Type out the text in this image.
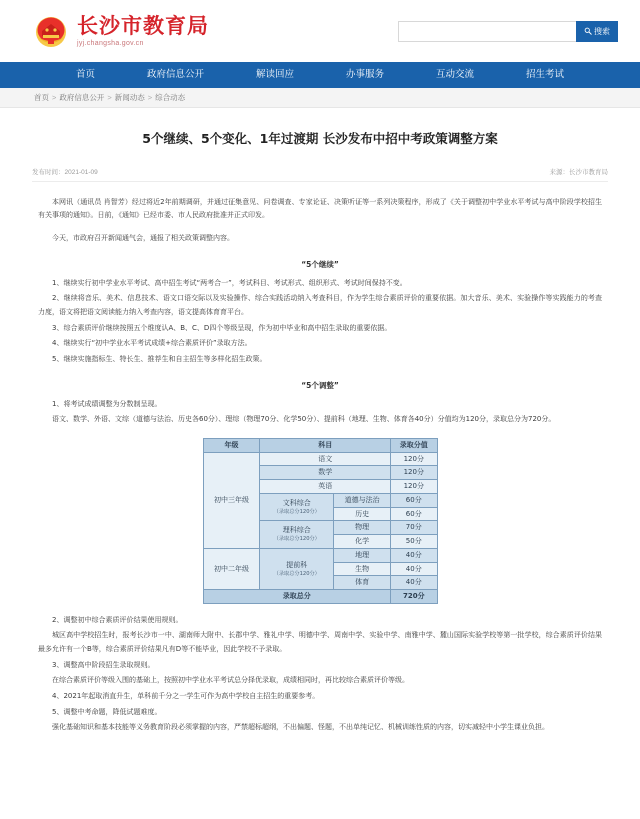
长沙市教育局
jyj.changsha.gov.cn
搜索
首页	政府信息公开	解读回应	办事服务	互动交流	招生考试
首页 > 政府信息公开 > 新闻动态 > 综合动态
5个继续、5个变化、1年过渡期 长沙发布中招中考政策调整方案
发布时间：2021-01-09	来源：长沙市教育局

本网讯（通讯员 肖智芳）经过将近2年前期调研，并通过征集意见、问卷调查、专家论证、决策听证等一系列决策程序，形成了《关于调整初中学业水平考试与高中阶段学校招生有关事项的通知》。日前，《通知》已经市委、市人民政府批准并正式印发。

今天，市政府召开新闻通气会，通报了相关政策调整内容。

“5个继续”

1、继续实行初中学业水平考试、高中招生考试“两考合一”，考试科目、考试形式、组织形式、考试时间保持不变。

2、继续将音乐、美术、信息技术、语文口语交际以及实验操作、综合实践活动纳入考查科目，作为学生综合素质评价的重要依据。加大音乐、美术、实验操作等实践能力的考查力度，语文将把语文阅读能力纳入考查内容，语文提高体育育平台。

3、综合素质评价继续按照五个维度认A、B、C、D四个等级呈现，作为初中毕业和高中招生录取的重要依据。

4、继续实行“初中学业水平考试成绩+综合素质评价”录取方法。

5、继续实施指标生、特长生、推荐生和自主招生等多样化招生政策。

“5个调整”

1、将考试成绩调整为分数制呈现。

语文、数学、外语、文综（道德与法治、历史各60分）、理综（物理70分、化学50分）、提前科（地理、生物、体育各40分）分值均为120分，录取总分为720分。

年级	科目		录取分值
初中三年级	语文		120分
	数学		120分
	英语		120分
	文科综合
（录取总分120分）	道德与法治	60分
		历史	60分
	理科综合
（录取总分120分）	物理	70分
		化学	50分
初中二年级	提前科
（录取总分120分）	地理	40分
		生物	40分
		体育	40分
录取总分			720分

2、调整初中综合素质评价结果使用规则。

城区高中学校招生时，报考长沙市一中、湖南师大附中、长郡中学、雅礼中学、明德中学、周南中学、实验中学、南雅中学、麓山国际实验学校等第一批学校，综合素质评价结果最多允许有一个B等，综合素质评价结果凡有D等不能毕业，因此学校不予录取。

3、调整高中阶段招生录取规则。

在综合素质评价等级入围的基础上，按照初中学业水平考试总分择优录取，成绩相同时，再比较综合素质评价等级。

4、2021年起取消直升生，单科前千分之一学生可作为高中学校自主招生的重要参考。

5、调整中考命题，降低试题难度。

强化基础知识和基本技能等义务教育阶段必须掌握的内容，严禁超标超纲，不出偏题、怪题，不出单纯记忆、机械训练性质的内容，切实减轻中小学生课业负担。
